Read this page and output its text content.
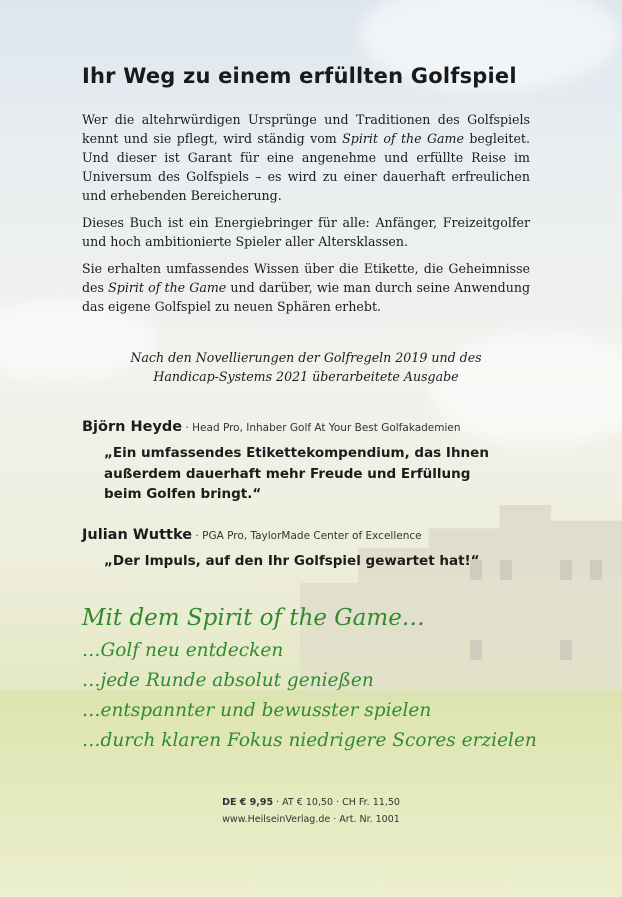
Ihr Weg zu einem erfüllten Golfspiel

Wer die altehrwürdigen Ursprünge und Traditionen des Golfspiels kennt und sie pflegt, wird ständig vom Spirit of the Game begleitet. Und dieser ist Garant für eine angenehme und erfüllte Reise im Universum des Golfspiels – es wird zu einer dauerhaft erfreulichen und erhebenden Bereicherung.

Dieses Buch ist ein Energiebringer für alle: Anfänger, Freizeitgolfer und hoch ambitionierte Spieler aller Altersklassen.

Sie erhalten umfassendes Wissen über die Etikette, die Geheimnisse des Spirit of the Game und darüber, wie man durch seine Anwendung das eigene Golfspiel zu neuen Sphären erhebt.

Nach den Novellierungen der Golfregeln 2019 und des
Handicap-Systems 2021 überarbeitete Ausgabe
Björn Heyde · Head Pro, Inhaber Golf At Your Best Golfakademien
„Ein umfassendes Etikettekompendium, das Ihnen außerdem dauerhaft mehr Freude und Erfüllung beim Golfen bringt.“
Julian Wuttke · PGA Pro, TaylorMade Center of Excellence
„Der Impuls, auf den Ihr Golfspiel gewartet hat!“
Mit dem Spirit of the Game…
…Golf neu entdecken
…jede Runde absolut genießen
…entspannter und bewusster spielen
…durch klaren Fokus niedrigere Scores erzielen
DE € 9,95 · AT € 10,50 · CH Fr. 11,50
www.HeilseinVerlag.de · Art. Nr. 1001
